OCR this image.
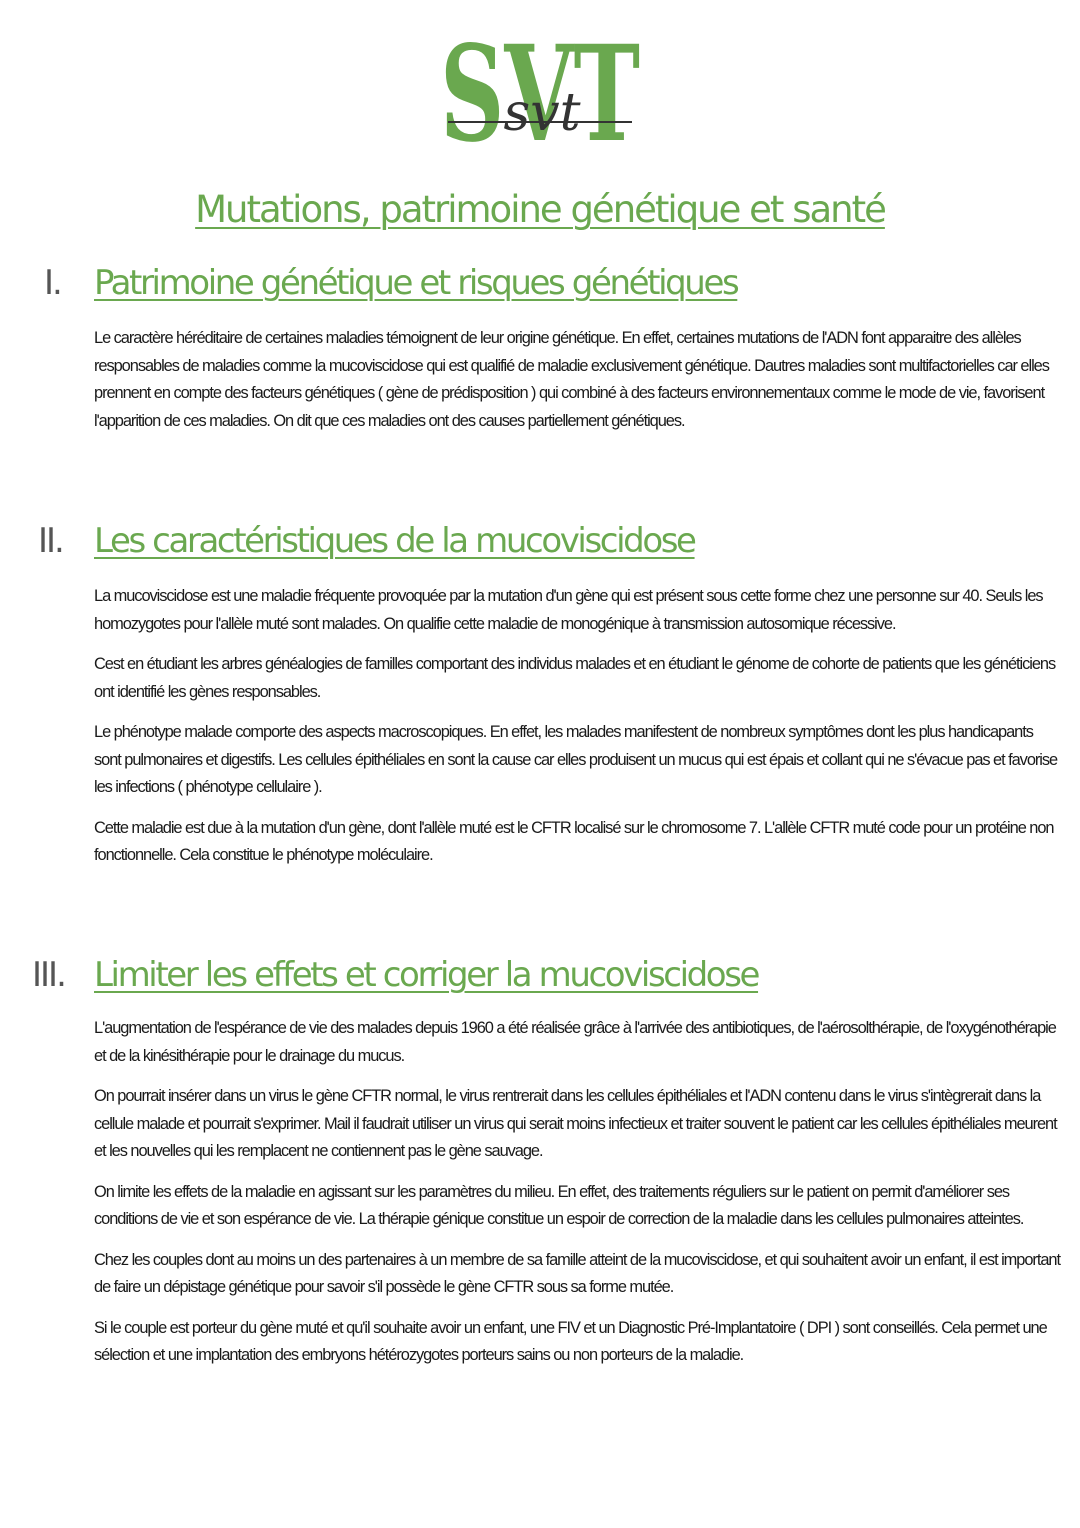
SVT
svt
Mutations, patrimoine génétique et santé
I. Patrimoine génétique et risques génétiques

Le caractère héréditaire de certaines maladies témoignent de leur origine génétique. En effet, certaines mutations de l'ADN font apparaitre des allèles responsables de maladies comme la mucoviscidose qui est qualifié de maladie exclusivement génétique. Dautres maladies sont multifactorielles car elles prennent en compte des facteurs génétiques ( gène de prédisposition ) qui combiné à des facteurs environnementaux comme le mode de vie, favorisent l'apparition de ces maladies. On dit que ces maladies ont des causes partiellement génétiques.

II. Les caractéristiques de la mucoviscidose

La mucoviscidose est une maladie fréquente provoquée par la mutation d'un gène qui est présent sous cette forme chez une personne sur 40. Seuls les homozygotes pour l'allèle muté sont malades. On qualifie cette maladie de monogénique à transmission autosomique récessive.

Cest en étudiant les arbres généalogies de familles comportant des individus malades et en étudiant le génome de cohorte de patients que les généticiens ont identifié les gènes responsables.

Le phénotype malade comporte des aspects macroscopiques. En effet, les malades manifestent de nombreux symptômes dont les plus handicapants sont pulmonaires et digestifs. Les cellules épithéliales en sont la cause car elles produisent un mucus qui est épais et collant qui ne s'évacue pas et favorise les infections ( phénotype cellulaire ).

Cette maladie est due à la mutation d'un gène, dont l'allèle muté est le CFTR localisé sur le chromosome 7. L'allèle CFTR muté code pour un protéine non fonctionnelle. Cela constitue le phénotype moléculaire.

III. Limiter les effets et corriger la mucoviscidose

L'augmentation de l'espérance de vie des malades depuis 1960 a été réalisée grâce à l'arrivée des antibiotiques, de l'aérosolthérapie, de l'oxygénothérapie et de la kinésithérapie pour le drainage du mucus.

On pourrait insérer dans un virus le gène CFTR normal, le virus rentrerait dans les cellules épithéliales et l'ADN contenu dans le virus s'intègrerait dans la cellule malade et pourrait s'exprimer. Mail il faudrait utiliser un virus qui serait moins infectieux et traiter souvent le patient car les cellules épithéliales meurent et les nouvelles qui les remplacent ne contiennent pas le gène sauvage.

On limite les effets de la maladie en agissant sur les paramètres du milieu. En effet, des traitements réguliers sur le patient on permit d'améliorer ses conditions de vie et son espérance de vie. La thérapie génique constitue un espoir de correction de la maladie dans les cellules pulmonaires atteintes.

Chez les couples dont au moins un des partenaires à un membre de sa famille atteint de la mucoviscidose, et qui souhaitent avoir un enfant, il est important de faire un dépistage génétique pour savoir s'il possède le gène CFTR sous sa forme mutée.

Si le couple est porteur du gène muté et qu'il souhaite avoir un enfant, une FIV et un Diagnostic Pré-Implantatoire ( DPI ) sont conseillés. Cela permet une sélection et une implantation des embryons hétérozygotes porteurs sains ou non porteurs de la maladie.
